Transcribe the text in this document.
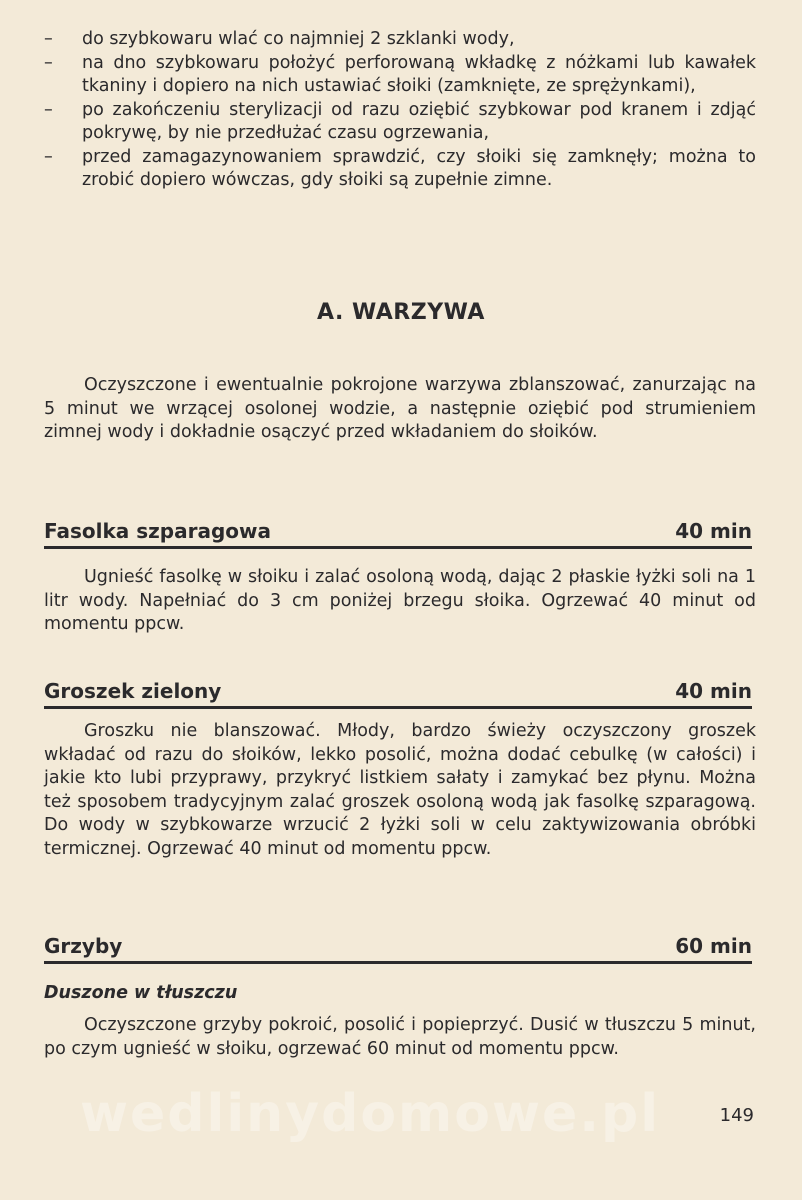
– do szybkowaru wlać co najmniej 2 szklanki wody,
– na dno szybkowaru położyć perforowaną wkładkę z nóżkami lub kawałek tkaniny i dopiero na nich ustawiać słoiki (zamknięte, ze sprężynkami),
– po zakończeniu sterylizacji od razu oziębić szybkowar pod kranem i zdjąć pokrywę, by nie przedłużać czasu ogrzewania,
– przed zamagazynowaniem sprawdzić, czy słoiki się zamknęły; można to zrobić dopiero wówczas, gdy słoiki są zupełnie zimne.
A. WARZYWA

Oczyszczone i ewentualnie pokrojone warzywa zblanszować, zanurzając na 5 minut we wrzącej osolonej wodzie, a następnie oziębić pod strumieniem zimnej wody i dokładnie osączyć przed wkładaniem do słoików.

Fasolka szparagowa	40 min

Ugnieść fasolkę w słoiku i zalać osoloną wodą, dając 2 płaskie łyżki soli na 1 litr wody. Napełniać do 3 cm poniżej brzegu słoika. Ogrzewać 40 minut od momentu ppcw.

Groszek zielony	40 min

Groszku nie blanszować. Młody, bardzo świeży oczyszczony groszek wkładać od razu do słoików, lekko posolić, można dodać cebulkę (w całości) i jakie kto lubi przyprawy, przykryć listkiem sałaty i zamykać bez płynu. Można też sposobem tradycyjnym zalać groszek osoloną wodą jak fasolkę szparagową. Do wody w szybkowarze wrzucić 2 łyżki soli w celu zaktywizowania obróbki termicznej. Ogrzewać 40 minut od momentu ppcw.

Grzyby	60 min
Duszone w tłuszczu

Oczyszczone grzyby pokroić, posolić i popieprzyć. Dusić w tłuszczu 5 minut, po czym ugnieść w słoiku, ogrzewać 60 minut od momentu ppcw.

wedlinydomowe.pl	149
